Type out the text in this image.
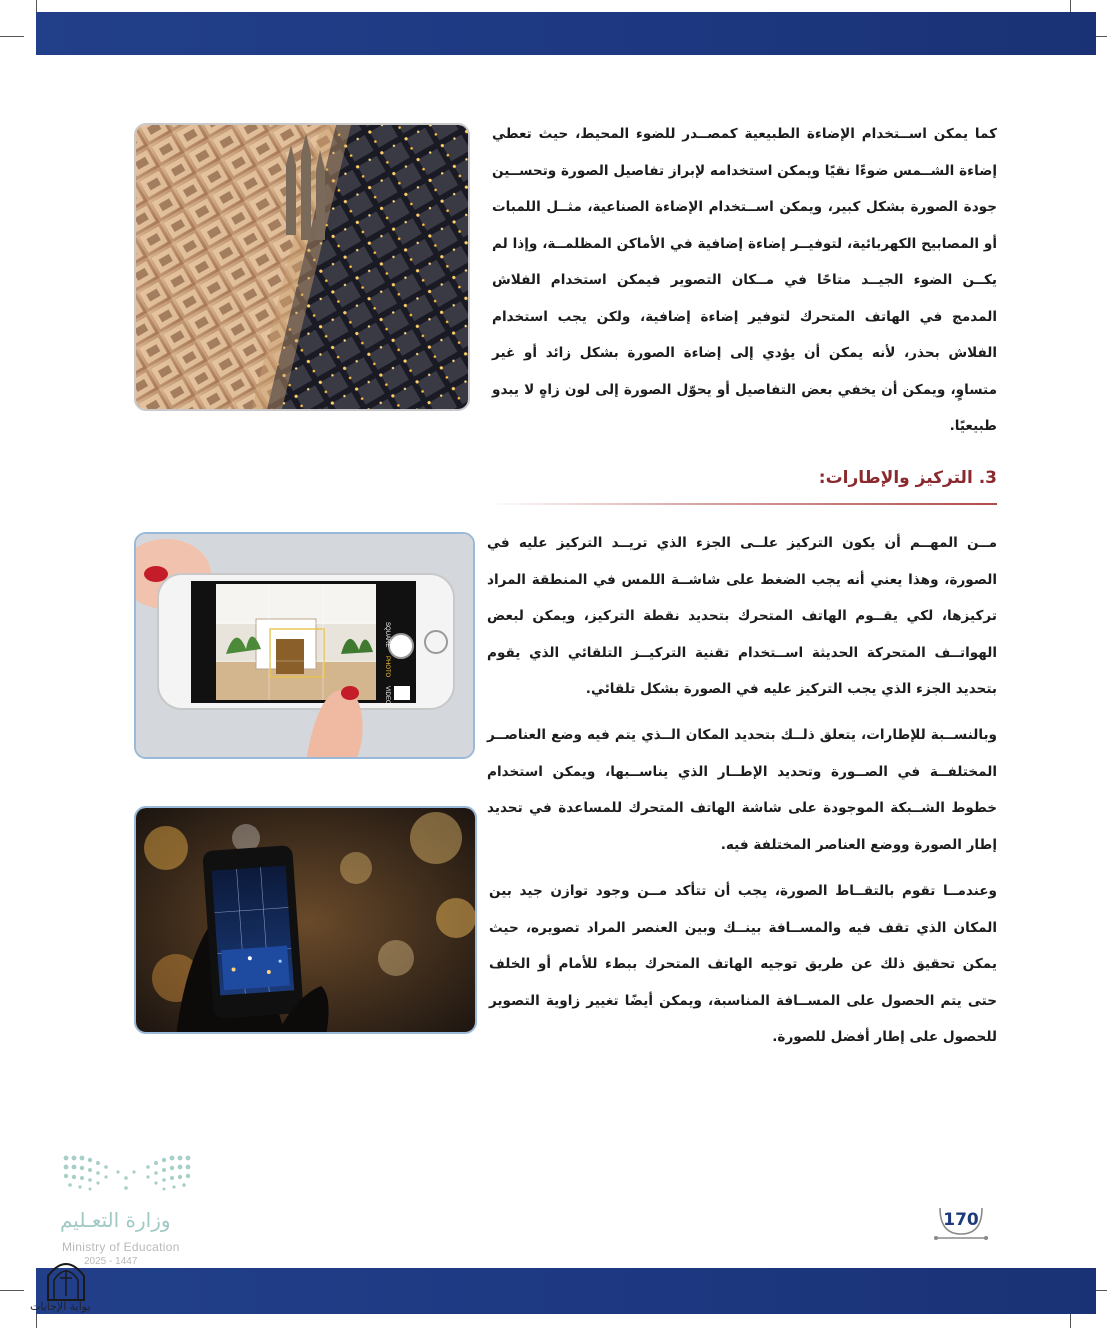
كما يمكن اســتخدام الإضاءة الطبيعية كمصــدر للضوء المحيط، حيث تعطي إضاءة الشــمس ضوءًا نقيًا ويمكن استخدامه لإبراز تفاصيل الصورة وتحســين جودة الصورة بشكل كبير، ويمكن اســتخدام الإضاءة الصناعية، مثــل اللمبات أو المصابيح الكهربائية، لتوفيــر إضاءة إضافية في الأماكن المظلمــة، وإذا لم يكــن الضوء الجيــد متاحًا في مــكان التصوير فيمكن استخدام الفلاش المدمج في الهاتف المتحرك لتوفير إضاءة إضافية، ولكن يجب استخدام الفلاش بحذر، لأنه يمكن أن يؤدي إلى إضاءة الصورة بشكل زائد أو غير متساوٍ، ويمكن أن يخفي بعض التفاصيل أو يحوّل الصورة إلى لون زاهٍ لا يبدو طبيعيًا.

3. التركيز والإطارات:

مــن المهــم أن يكون التركيز علــى الجزء الذي تريــد التركيز عليه في الصورة، وهذا يعني أنه يجب الضغط على شاشــة اللمس في المنطقة المراد تركيزها، لكي يقــوم الهاتف المتحرك بتحديد نقطة التركيز، ويمكن لبعض الهواتــف المتحركة الحديثة اســتخدام تقنية التركيــز التلقائي الذي يقوم بتحديد الجزء الذي يجب التركيز عليه في الصورة بشكل تلقائي.

وبالنســبة للإطارات، يتعلق ذلــك بتحديد المكان الــذي يتم فيه وضع العناصــر المختلفــة في الصــورة وتحديد الإطــار الذي يناســبها، ويمكن استخدام خطوط الشــبكة الموجودة على شاشة الهاتف المتحرك للمساعدة في تحديد إطار الصورة ووضع العناصر المختلفة فيه.

وعندمــا تقوم بالتقــاط الصورة، يجب أن تتأكد مــن وجود توازن جيد بين المكان الذي تقف فيه والمســافة بينــك وبين العنصر المراد تصويره، حيث يمكن تحقيق ذلك عن طريق توجيه الهاتف المتحرك ببطء للأمام أو الخلف حتى يتم الحصول على المســافة المناسبة، ويمكن أيضًا تغيير زاوية التصوير للحصول على إطار أفضل للصورة.

SQUARE
PHOTO
VIDEO
170
وزارة التعـليم
Ministry of Education
2025 - 1447
بوابة الإجابات
